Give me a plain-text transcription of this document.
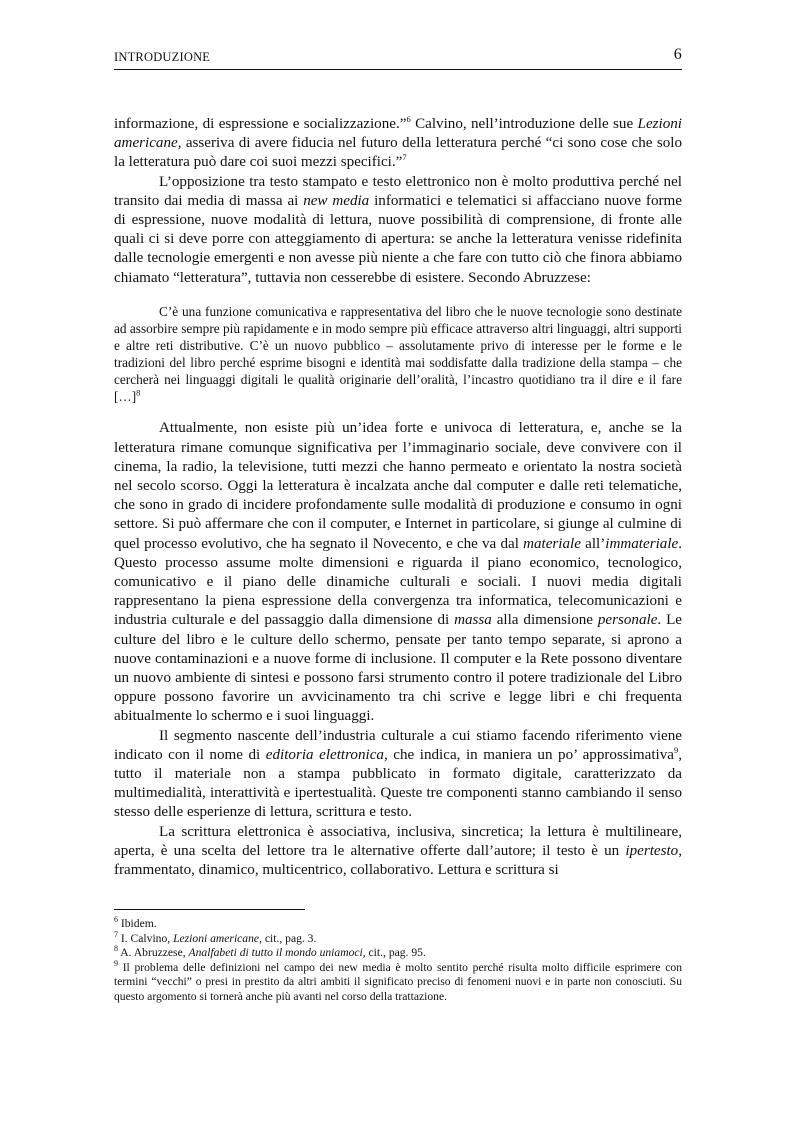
INTRODUZIONE	6

informazione, di espressione e socializzazione.”$^6$ Calvino, nell’introduzione delle sue Lezioni americane, asseriva di avere fiducia nel futuro della letteratura perché “ci sono cose che solo la letteratura può dare coi suoi mezzi specifici.”$^7$

L’opposizione tra testo stampato e testo elettronico non è molto produttiva perché nel transito dai media di massa ai new media informatici e telematici si affacciano nuove forme di espressione, nuove modalità di lettura, nuove possibilità di comprensione, di fronte alle quali ci si deve porre con atteggiamento di apertura: se anche la letteratura venisse ridefinita dalle tecnologie emergenti e non avesse più niente a che fare con tutto ciò che finora abbiamo chiamato “letteratura”, tuttavia non cesserebbe di esistere. Secondo Abruzzese:

C’è una funzione comunicativa e rappresentativa del libro che le nuove tecnologie sono destinate ad assorbire sempre più rapidamente e in modo sempre più efficace attraverso altri linguaggi, altri supporti e altre reti distributive. C’è un nuovo pubblico – assolutamente privo di interesse per le forme e le tradizioni del libro perché esprime bisogni e identità mai soddisfatte dalla tradizione della stampa – che cercherà nei linguaggi digitali le qualità originarie dell’oralità, l’incastro quotidiano tra il dire e il fare […]$^8$

Attualmente, non esiste più un’idea forte e univoca di letteratura, e, anche se la letteratura rimane comunque significativa per l’immaginario sociale, deve convivere con il cinema, la radio, la televisione, tutti mezzi che hanno permeato e orientato la nostra società nel secolo scorso. Oggi la letteratura è incalzata anche dal computer e dalle reti telematiche, che sono in grado di incidere profondamente sulle modalità di produzione e consumo in ogni settore. Si può affermare che con il computer, e Internet in particolare, si giunge al culmine di quel processo evolutivo, che ha segnato il Novecento, e che va dal materiale all’immateriale. Questo processo assume molte dimensioni e riguarda il piano economico, tecnologico, comunicativo e il piano delle dinamiche culturali e sociali. I nuovi media digitali rappresentano la piena espressione della convergenza tra informatica, telecomunicazioni e industria culturale e del passaggio dalla dimensione di massa alla dimensione personale. Le culture del libro e le culture dello schermo, pensate per tanto tempo separate, si aprono a nuove contaminazioni e a nuove forme di inclusione. Il computer e la Rete possono diventare un nuovo ambiente di sintesi e possono farsi strumento contro il potere tradizionale del Libro oppure possono favorire un avvicinamento tra chi scrive e legge libri e chi frequenta abitualmente lo schermo e i suoi linguaggi.

Il segmento nascente dell’industria culturale a cui stiamo facendo riferimento viene indicato con il nome di editoria elettronica, che indica, in maniera un po’ approssimativa$^9$, tutto il materiale non a stampa pubblicato in formato digitale, caratterizzato da multimedialità, interattività e ipertestualità. Queste tre componenti stanno cambiando il senso stesso delle esperienze di lettura, scrittura e testo.

La scrittura elettronica è associativa, inclusiva, sincretica; la lettura è multilineare, aperta, è una scelta del lettore tra le alternative offerte dall’autore; il testo è un ipertesto, frammentato, dinamico, multicentrico, collaborativo. Lettura e scrittura si

$^6$ Ibidem.

$^7$ I. Calvino, Lezioni americane, cit., pag. 3.

$^8$ A. Abruzzese, Analfabeti di tutto il mondo uniamoci, cit., pag. 95.

$^9$ Il problema delle definizioni nel campo dei new media è molto sentito perché risulta molto difficile esprimere con termini “vecchi” o presi in prestito da altri ambiti il significato preciso di fenomeni nuovi e in parte non conosciuti. Su questo argomento si tornerà anche più avanti nel corso della trattazione.
